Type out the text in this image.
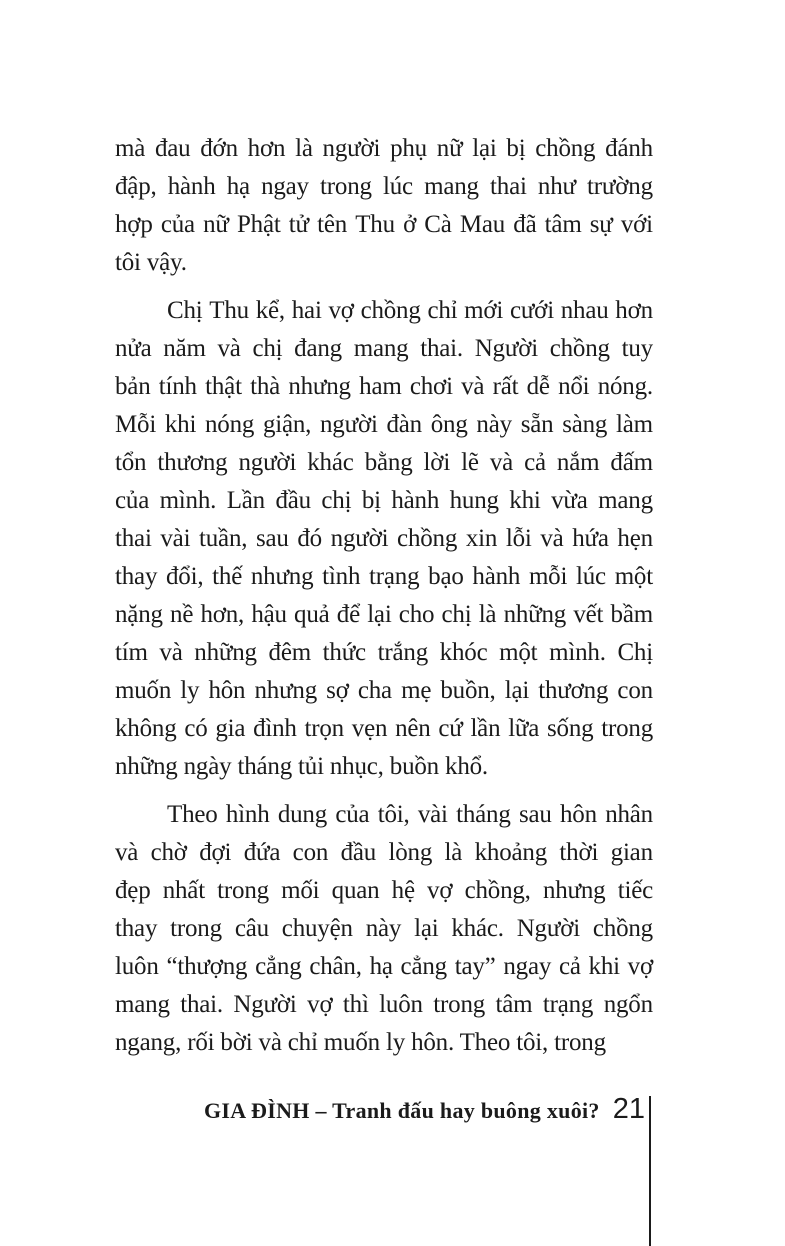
mà đau đớn hơn là người phụ nữ lại bị chồng đánh
đập, hành hạ ngay trong lúc mang thai như trường
hợp của nữ Phật tử tên Thu ở Cà Mau đã tâm sự với
tôi vậy.

Chị Thu kể, hai vợ chồng chỉ mới cưới nhau hơn
nửa năm và chị đang mang thai. Người chồng tuy
bản tính thật thà nhưng ham chơi và rất dễ nổi nóng.
Mỗi khi nóng giận, người đàn ông này sẵn sàng làm
tổn thương người khác bằng lời lẽ và cả nắm đấm
của mình. Lần đầu chị bị hành hung khi vừa mang
thai vài tuần, sau đó người chồng xin lỗi và hứa hẹn
thay đổi, thế nhưng tình trạng bạo hành mỗi lúc một
nặng nề hơn, hậu quả để lại cho chị là những vết bầm
tím và những đêm thức trắng khóc một mình. Chị
muốn ly hôn nhưng sợ cha mẹ buồn, lại thương con
không có gia đình trọn vẹn nên cứ lần lữa sống trong
những ngày tháng tủi nhục, buồn khổ.

Theo hình dung của tôi, vài tháng sau hôn nhân
và chờ đợi đứa con đầu lòng là khoảng thời gian
đẹp nhất trong mối quan hệ vợ chồng, nhưng tiếc
thay trong câu chuyện này lại khác. Người chồng
luôn “thượng cẳng chân, hạ cẳng tay” ngay cả khi vợ
mang thai. Người vợ thì luôn trong tâm trạng ngổn
ngang, rối bời và chỉ muốn ly hôn. Theo tôi, trong

GIA ĐÌNH – Tranh đấu hay buông xuôi? 21
